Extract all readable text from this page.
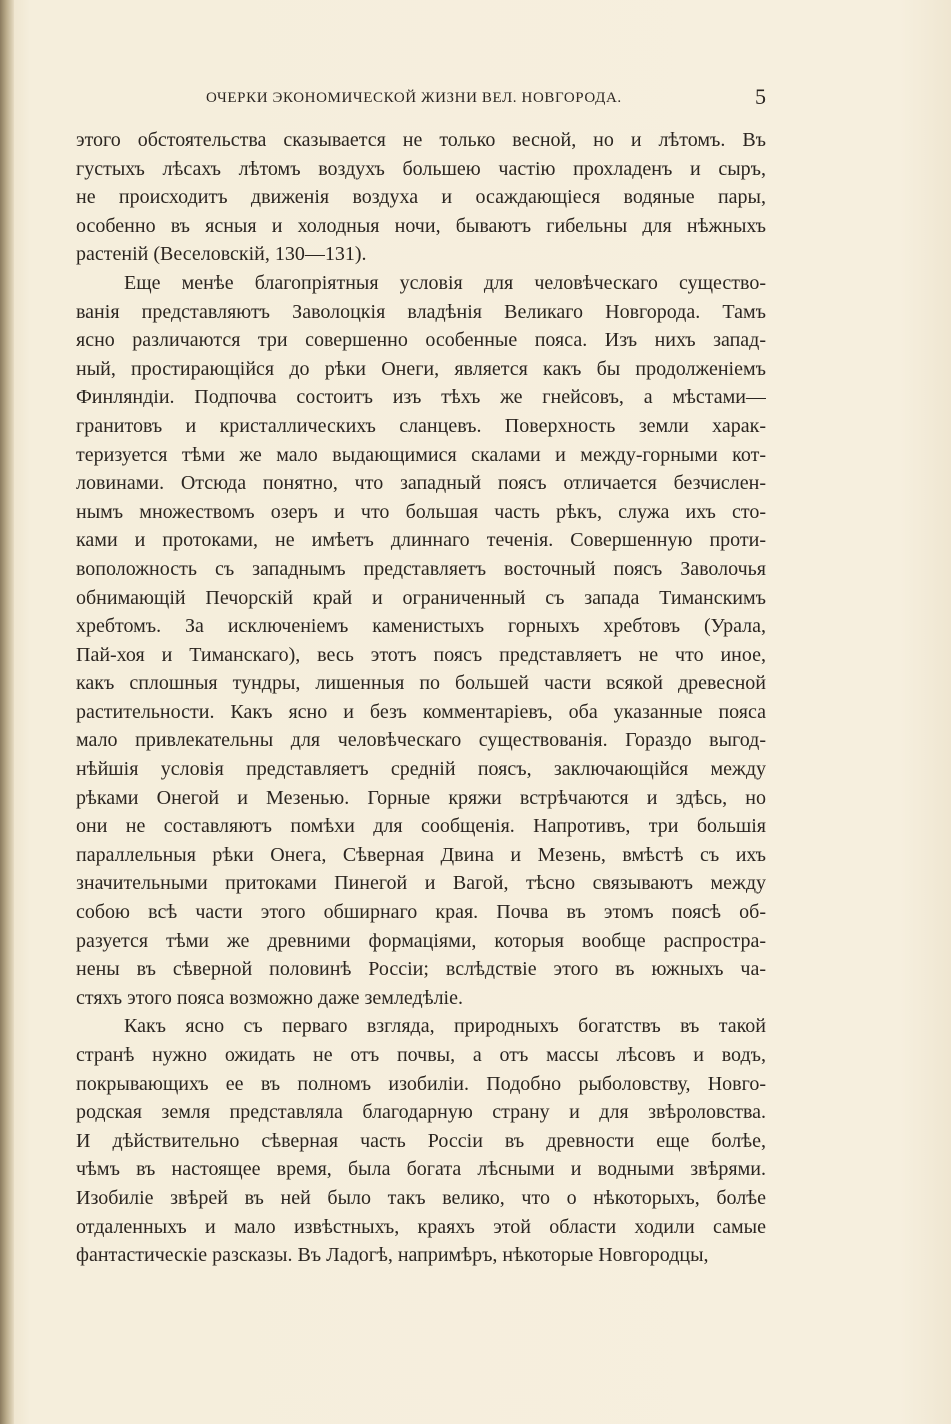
ОЧЕРКИ ЭКОНОМИЧЕСКОЙ ЖИЗНИ ВЕЛ. НОВГОРОДА.	5
этого обстоятельства сказывается не только весной, но и лѣтомъ. Въ
густыхъ лѣсахъ лѣтомъ воздухъ большею частію прохладенъ и сыръ,
не происходитъ движенія воздуха и осаждающіеся водяные пары,
особенно въ ясныя и холодныя ночи, бываютъ гибельны для нѣжныхъ
растеній (Веселовскій, 130—131).
Еще менѣе благопріятныя условія для человѣческаго существо-
ванія представляютъ Заволоцкія владѣнія Великаго Новгорода. Тамъ
ясно различаются три совершенно особенные пояса. Изъ нихъ запад-
ный, простирающійся до рѣки Онеги, является какъ бы продолженіемъ
Финляндіи. Подпочва состоитъ изъ тѣхъ же гнейсовъ, а мѣстами—
гранитовъ и кристаллическихъ сланцевъ. Поверхность земли харак-
теризуется тѣми же мало выдающимися скалами и между-горными кот-
ловинами. Отсюда понятно, что западный поясъ отличается безчислен-
нымъ множествомъ озеръ и что большая часть рѣкъ, служа ихъ сто-
ками и протоками, не имѣетъ длиннаго теченія. Совершенную проти-
воположность съ западнымъ представляетъ восточный поясъ Заволочья
обнимающій Печорскій край и ограниченный съ запада Тиманскимъ
хребтомъ. За исключеніемъ каменистыхъ горныхъ хребтовъ (Урала,
Пай-хоя и Тиманскаго), весь этотъ поясъ представляетъ не что иное,
какъ сплошныя тундры, лишенныя по большей части всякой древесной
растительности. Какъ ясно и безъ комментаріевъ, оба указанные пояса
мало привлекательны для человѣческаго существованія. Гораздо выгод-
нѣйшія условія представляетъ средній поясъ, заключающійся между
рѣками Онегой и Мезенью. Горные кряжи встрѣчаются и здѣсь, но
они не составляютъ помѣхи для сообщенія. Напротивъ, три большія
параллельныя рѣки Онега, Сѣверная Двина и Мезень, вмѣстѣ съ ихъ
значительными притоками Пинегой и Вагой, тѣсно связываютъ между
собою всѣ части этого обширнаго края. Почва въ этомъ поясѣ об-
разуется тѣми же древними формаціями, которыя вообще распростра-
нены въ сѣверной половинѣ Россіи; вслѣдствіе этого въ южныхъ ча-
стяхъ этого пояса возможно даже земледѣліе.
Какъ ясно съ перваго взгляда, природныхъ богатствъ въ такой
странѣ нужно ожидать не отъ почвы, а отъ массы лѣсовъ и водъ,
покрывающихъ ее въ полномъ изобиліи. Подобно рыболовству, Новго-
родская земля представляла благодарную страну и для звѣроловства.
И дѣйствительно сѣверная часть Россіи въ древности еще болѣе,
чѣмъ въ настоящее время, была богата лѣсными и водными звѣрями.
Изобиліе звѣрей въ ней было такъ велико, что о нѣкоторыхъ, болѣе
отдаленныхъ и мало извѣстныхъ, краяхъ этой области ходили самые
фантастическіе разсказы. Въ Ладогѣ, напримѣръ, нѣкоторые Новгородцы,
